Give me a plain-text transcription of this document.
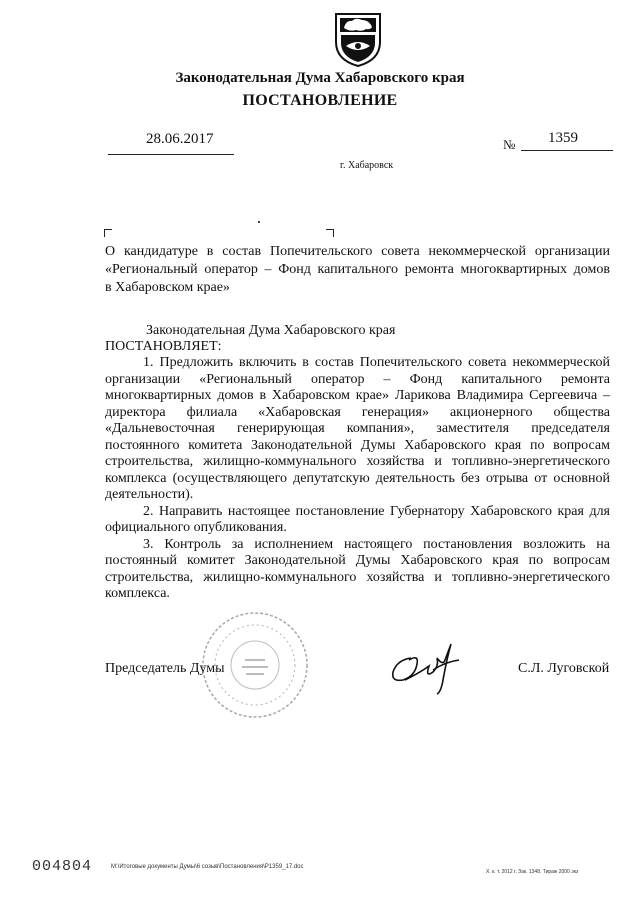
Законодательная Дума Хабаровского края
ПОСТАНОВЛЕНИЕ
28.06.2017	№ 1359
г. Хабаровск
О кандидатуре в состав Попечительского совета некоммерческой организации
«Региональный оператор – Фонд капитального ремонта многоквартирных домов
в Хабаровском крае»
Законодательная Дума Хабаровского края
ПОСТАНОВЛЯЕТ:

1. Предложить включить в состав Попечительского совета некоммерческой организации «Региональный оператор – Фонд капитального ремонта многоквартирных домов в Хабаровском крае» Ларикова Владимира Сергеевича – директора филиала «Хабаровская генерация» акционерного общества «Дальневосточная генерирующая компания», заместителя председателя постоянного комитета Законодательной Думы Хабаровского края по вопросам строительства, жилищно-коммунального хозяйства и топливно-энергетического комплекса (осуществляющего депутатскую деятельность без отрыва от основной деятельности).

2. Направить настоящее постановление Губернатору Хабаровского края для официального опубликования.

3. Контроль за исполнением настоящего постановления возложить на постоянный комитет Законодательной Думы Хабаровского края по вопросам строительства, жилищно-коммунального хозяйства и топливно-энергетического комплекса.

Председатель Думы	С.Л. Луговской
004804	M:\Итоговые документы Думы\6 созыв\Постановления\P1359_17.doc
Х. к. т. 2012 г. Зак. 1348. Тираж 2000 экз
